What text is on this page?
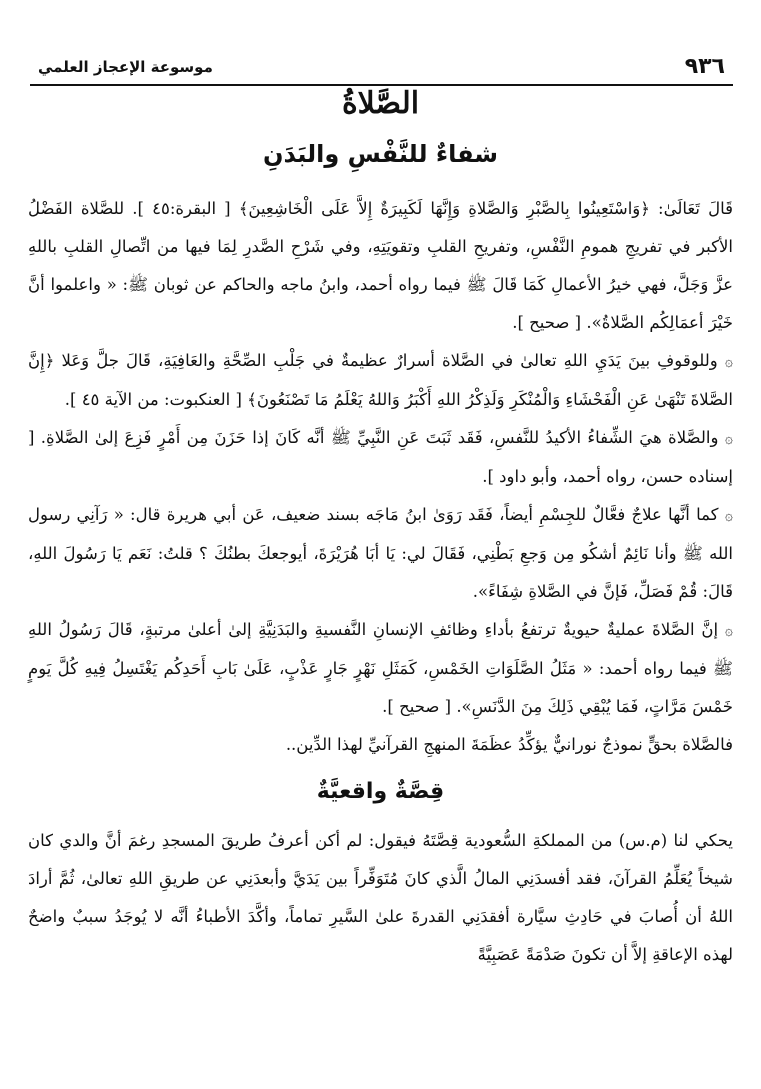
٩٣٦
موسوعة الإعجاز العلمي
الصَّلاةُ
شفاءٌ للنَّفْسِ والبَدَنِ

قَالَ تَعَالَىٰ: ﴿وَاسْتَعِينُوا بِالصَّبْرِ وَالصَّلاةِ وَإِنَّهَا لَكَبِيرَةٌ إِلاَّ عَلَى الْخَاشِعِينَ﴾ [ البقرة:٤٥ ]. للصَّلاة الفَضْلُ الأكبر في تفريجِ همومِ النَّفْسِ، وتفريحِ القلبِ وتقويَتِهِ، وفي شَرْحِ الصَّدرِ لِمَا فيها من اتِّصالِ القلبِ باللهِ عزَّ وَجَلَّ، فهي خيرُ الأعمالِ كَمَا قَالَ ﷺ فيما رواه أحمد، وابنُ ماجه والحاكم عن ثوبان ﷺ: « واعلموا أنَّ خَيْرَ أعمَالِكُم الصَّلاةُ». [ صحيح ].

۞ وللوقوفِ بينَ يَدَيِ اللهِ تعالىٰ في الصَّلاة أسرارٌ عظيمةٌ في جَلْبِ الصِّحَّةِ والعَافِيَةِ، قَالَ جلَّ وَعَلا ﴿إِنَّ الصَّلاةَ تَنْهَىٰ عَنِ الْفَحْشَاءِ وَالْمُنْكَرِ وَلَذِكْرُ اللهِ أَكْبَرُ وَاللهُ يَعْلَمُ مَا تَصْنَعُونَ﴾ [ العنكبوت: من الآية ٤٥ ].

۞ والصَّلاة هيَ الشِّفاءُ الأكيدُ للنَّفسِ، فَقَد ثَبَتَ عَنِ النَّبِيِّ ﷺ أنَّه كَانَ إذا حَزَنَ مِن أَمْرٍ فَزِعَ إلىٰ الصَّلاةِ. [ إسناده حسن، رواه أحمد، وأبو داود ].

۞ كما أنَّها علاجٌ فعَّالٌ للجِسْمِ أيضاً، فَقَد رَوَىٰ ابنُ مَاجَه بسند ضعيف، عَن أبي هريرة قال: « رَآنِي رسول الله ﷺ وأنا نَائِمٌ أشكُو مِن وَجعِ بَطْنِي، فَقَالَ لي: يَا أبَا هُرَيْرَةَ، أيوجعكَ بطنُكَ ؟ قلتُ: نَعَم يَا رَسُولَ اللهِ، قَالَ: قُمْ فَصَلِّ، فَإنَّ في الصَّلاةِ شِفَاءً».

۞ إنَّ الصَّلاةَ عمليةٌ حيويةٌ ترتفعُ بأداءِ وظائفِ الإنسانِ النَّفسيةِ والبَدَنِيَّةِ إلىٰ أعلىٰ مرتبةٍ، قَالَ رَسُولُ اللهِ ﷺ فيما رواه أحمد: « مَثَلُ الصَّلَوَاتِ الخَمْسِ، كَمَثَلِ نَهْرٍ جَارٍ عَذْبٍ، عَلَىٰ بَابِ أَحَدِكُم يَغْتَسِلُ فِيهِ كُلَّ يَومٍ خَمْسَ مَرَّاتٍ، فَمَا يُبْقِي ذَلِكَ مِنَ الدَّنَسِ». [ صحيح ].

فالصَّلاة بحقٍّ نموذجٌ نورانيٌّ يؤكِّدُ عظَمَةَ المنهجِ القرآنيِّ لهذا الدِّين..

قِصَّةٌ واقعيَّةٌ

يحكي لنا (م.س) من المملكةِ السُّعودية قِصَّتَهُ فيقول: لم أكن أعرفُ طريقَ المسجدِ رغمَ أنَّ والدي كان شيخاً يُعَلِّمُ القرآنَ، فقد أفسدَنِي المالُ الَّذي كانَ مُتَوَفِّراً بين يَدَيَّ وأبعدَنِي عن طريقِ اللهِ تعالىٰ، ثُمَّ أرادَ اللهُ أن أُصابَ في حَادِثِ سيَّارة أفقدَنِي القدرةَ علىٰ السَّيرِ تماماً، وأكَّدَ الأطباءُ أنَّه لا يُوجَدُ سببٌ واضحٌ لهذه الإعاقةِ إلاَّ أن تكونَ صَدْمَةً عَصَبِيَّةً
